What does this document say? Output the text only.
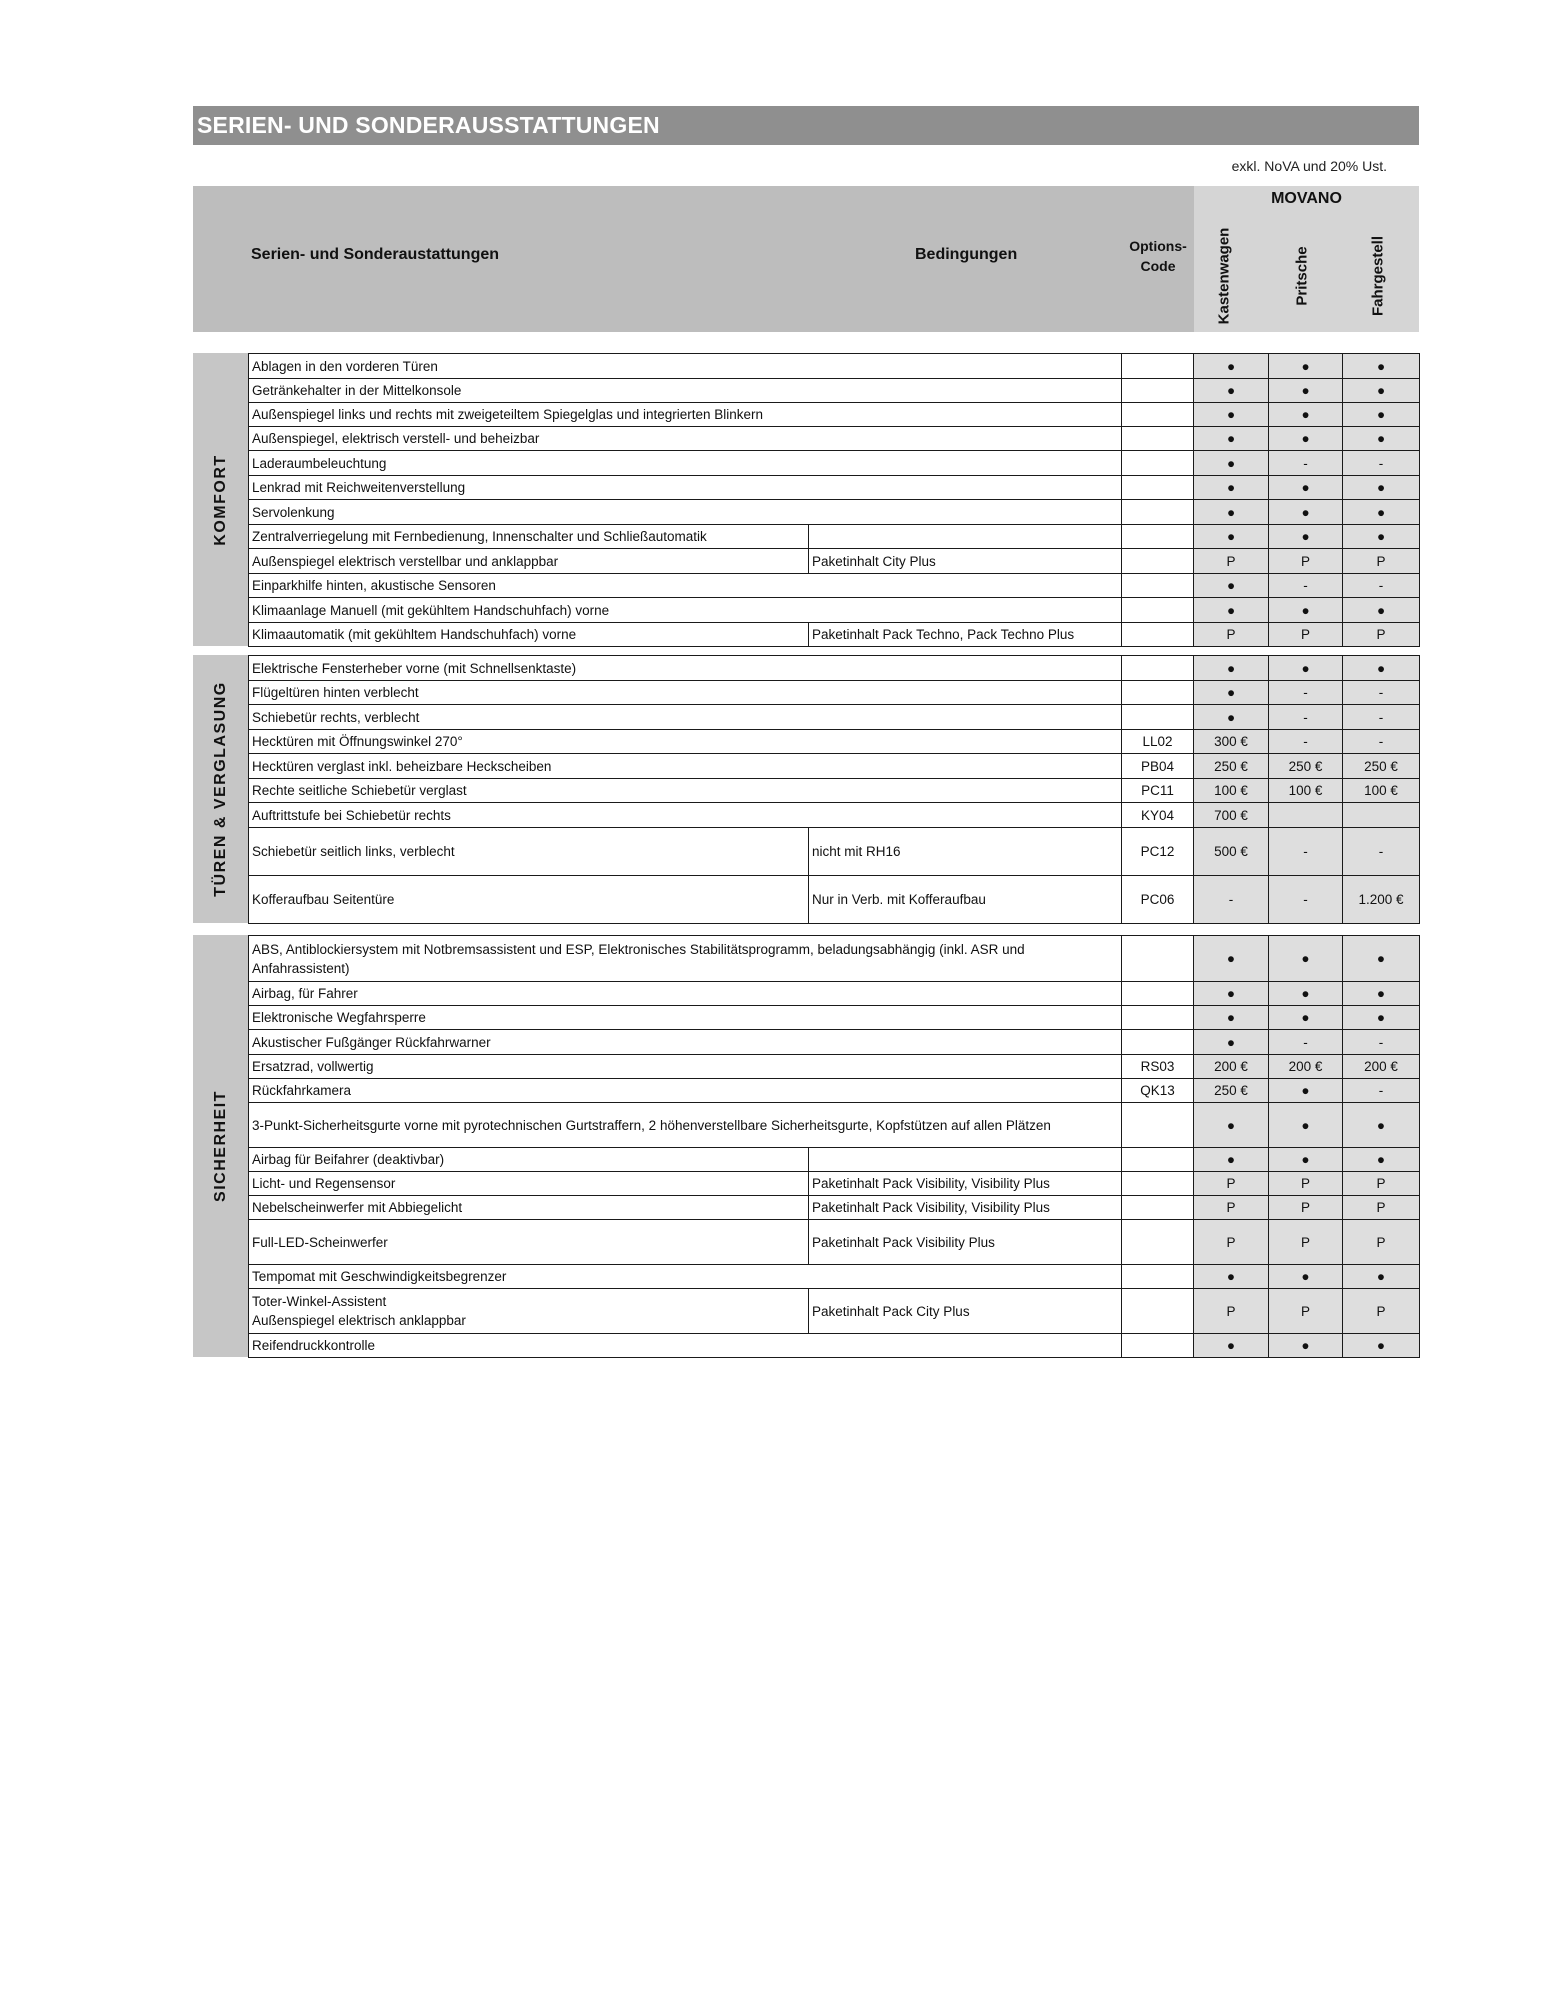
SERIEN- UND SONDERAUSSTATTUNGEN
exkl. NoVA und 20% Ust.
Serien- und Sonderaustattungen	Bedingungen	Options-
Code
MOVANO
Kastenwagen	Pritsche	Fahrgestell
KOMFORT
Ablagen in den vorderen Türen			●	●	●
Getränkehalter in der Mittelkonsole			●	●	●
Außenspiegel links und rechts mit zweigeteiltem Spiegelglas und integrierten Blinkern			●	●	●
Außenspiegel, elektrisch verstell- und beheizbar			●	●	●
Laderaumbeleuchtung			●	-	-
Lenkrad mit Reichweitenverstellung			●	●	●
Servolenkung			●	●	●
Zentralverriegelung mit Fernbedienung, Innenschalter und Schließautomatik			●	●	●
Außenspiegel elektrisch verstellbar und anklappbar	Paketinhalt City Plus		P	P	P
Einparkhilfe hinten, akustische Sensoren			●	-	-
Klimaanlage Manuell (mit gekühltem Handschuhfach) vorne			●	●	●
Klimaautomatik (mit gekühltem Handschuhfach) vorne	Paketinhalt Pack Techno, Pack Techno Plus		P	P	P
TÜREN & VERGLASUNG
Elektrische Fensterheber vorne (mit Schnellsenktaste)			●	●	●
Flügeltüren hinten verblecht			●	-	-
Schiebetür rechts, verblecht			●	-	-
Hecktüren mit Öffnungswinkel 270°		LL02	300 €	-	-
Hecktüren verglast inkl. beheizbare Heckscheiben		PB04	250 €	250 €	250 €
Rechte seitliche Schiebetür verglast		PC11	100 €	100 €	100 €
Auftrittstufe bei Schiebetür rechts		KY04	700 €		
Schiebetür seitlich links, verblecht	nicht mit RH16	PC12	500 €	-	-
Kofferaufbau Seitentüre	Nur in Verb. mit Kofferaufbau	PC06	-	-	1.200 €
SICHERHEIT
ABS, Antiblockiersystem mit Notbremsassistent und ESP, Elektronisches Stabilitätsprogramm, beladungsabhängig (inkl. ASR und Anfahrassistent)			●	●	●
Airbag, für Fahrer			●	●	●
Elektronische Wegfahrsperre			●	●	●
Akustischer Fußgänger Rückfahrwarner			●	-	-
Ersatzrad, vollwertig		RS03	200 €	200 €	200 €
Rückfahrkamera		QK13	250 €	●	-
3-Punkt-Sicherheitsgurte vorne mit pyrotechnischen Gurtstraffern, 2 höhenverstellbare Sicherheitsgurte, Kopfstützen auf allen Plätzen			●	●	●
Airbag für Beifahrer (deaktivbar)			●	●	●
Licht- und Regensensor	Paketinhalt Pack Visibility, Visibility Plus		P	P	P
Nebelscheinwerfer mit Abbiegelicht	Paketinhalt Pack Visibility, Visibility Plus		P	P	P
Full-LED-Scheinwerfer	Paketinhalt Pack Visibility Plus		P	P	P
Tempomat mit Geschwindigkeitsbegrenzer			●	●	●
Toter-Winkel-Assistent
Außenspiegel elektrisch anklappbar	Paketinhalt Pack City Plus		P	P	P
Reifendruckkontrolle			●	●	●
